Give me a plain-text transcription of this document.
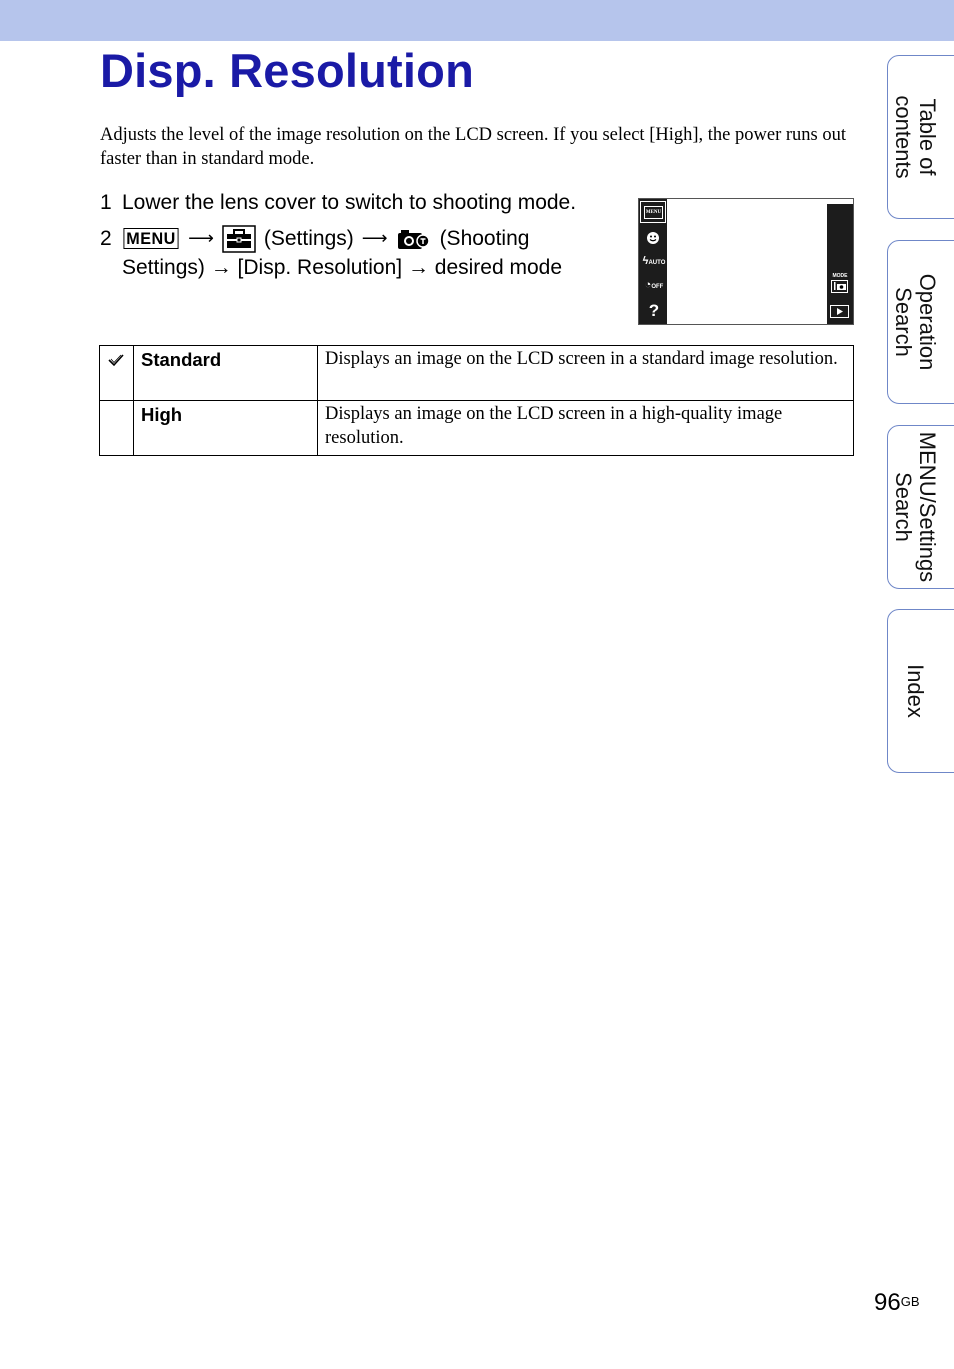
Disp. Resolution

Adjusts the level of the image resolution on the LCD screen. If you select [High], the power runs out faster than in standard mode.

1 Lower the lens cover to switch to shooting mode.
2 MENU ⟶ (Settings) ⟶ (Shooting
Settings) → [Disp. Resolution] → desired mode
MENU
ϟAUTO
◔OFF
?
MODE
	Standard	Displays an image on the LCD screen in a standard image resolution.
	High	Displays an image on the LCD screen in a high-quality image resolution.
Table of
contents
Operation
Search
MENU/Settings
Search
Index
$96^{GB}$
